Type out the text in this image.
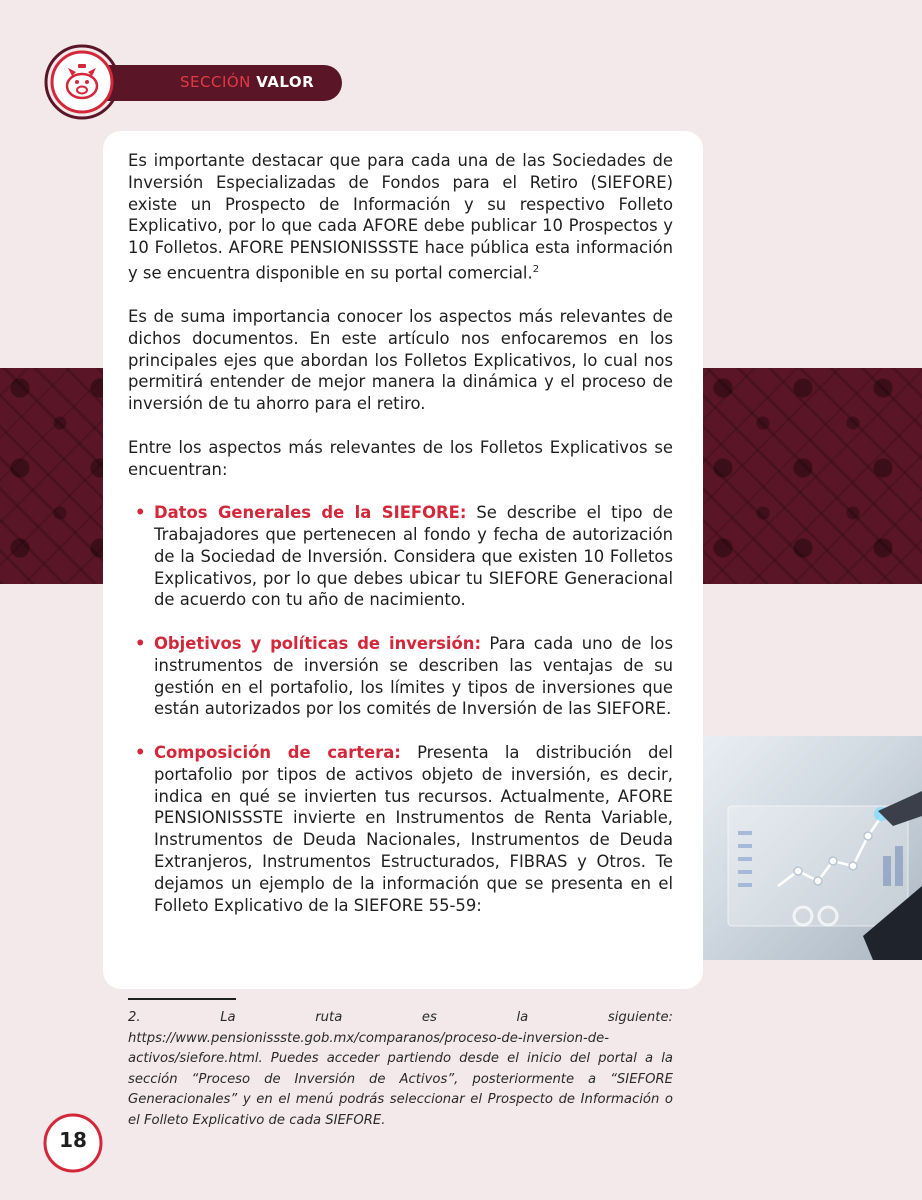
SECCIÓN VALOR

Es importante destacar que para cada una de las Sociedades de Inversión Especializadas de Fondos para el Retiro (SIEFORE) existe un Prospecto de Información y su respectivo Folleto Explicativo, por lo que cada AFORE debe publicar 10 Prospectos y 10 Folletos. AFORE PENSIONISSSTE hace pública esta información y se encuentra disponible en su portal comercial.$^2$

Es de suma importancia conocer los aspectos más relevantes de dichos documentos. En este artículo nos enfocaremos en los principales ejes que abordan los Folletos Explicativos, lo cual nos permitirá entender de mejor manera la dinámica y el proceso de inversión de tu ahorro para el retiro.

Entre los aspectos más relevantes de los Folletos Explicativos se encuentran:

• Datos Generales de la SIEFORE: Se describe el tipo de Trabajadores que pertenecen al fondo y fecha de autorización de la Sociedad de Inversión. Considera que existen 10 Folletos Explicativos, por lo que debes ubicar tu SIEFORE Generacional de acuerdo con tu año de nacimiento.
• Objetivos y políticas de inversión: Para cada uno de los instrumentos de inversión se describen las ventajas de su gestión en el portafolio, los límites y tipos de inversiones que están autorizados por los comités de Inversión de las SIEFORE.
• Composición de cartera: Presenta la distribución del portafolio por tipos de activos objeto de inversión, es decir, indica en qué se invierten tus recursos. Actualmente, AFORE PENSIONISSSTE invierte en Instrumentos de Renta Variable, Instrumentos de Deuda Nacionales, Instrumentos de Deuda Extranjeros, Instrumentos Estructurados, FIBRAS y Otros. Te dejamos un ejemplo de la información que se presenta en el Folleto Explicativo de la SIEFORE 55-59:
2. La ruta es la siguiente: https://www.pensionissste.gob.mx/comparanos/proceso-de-inversion-de-activos/siefore.html. Puedes acceder partiendo desde el inicio del portal a la sección “Proceso de Inversión de Activos”, posteriormente a “SIEFORE Generacionales” y en el menú podrás seleccionar el Prospecto de Información o el Folleto Explicativo de cada SIEFORE.
18
